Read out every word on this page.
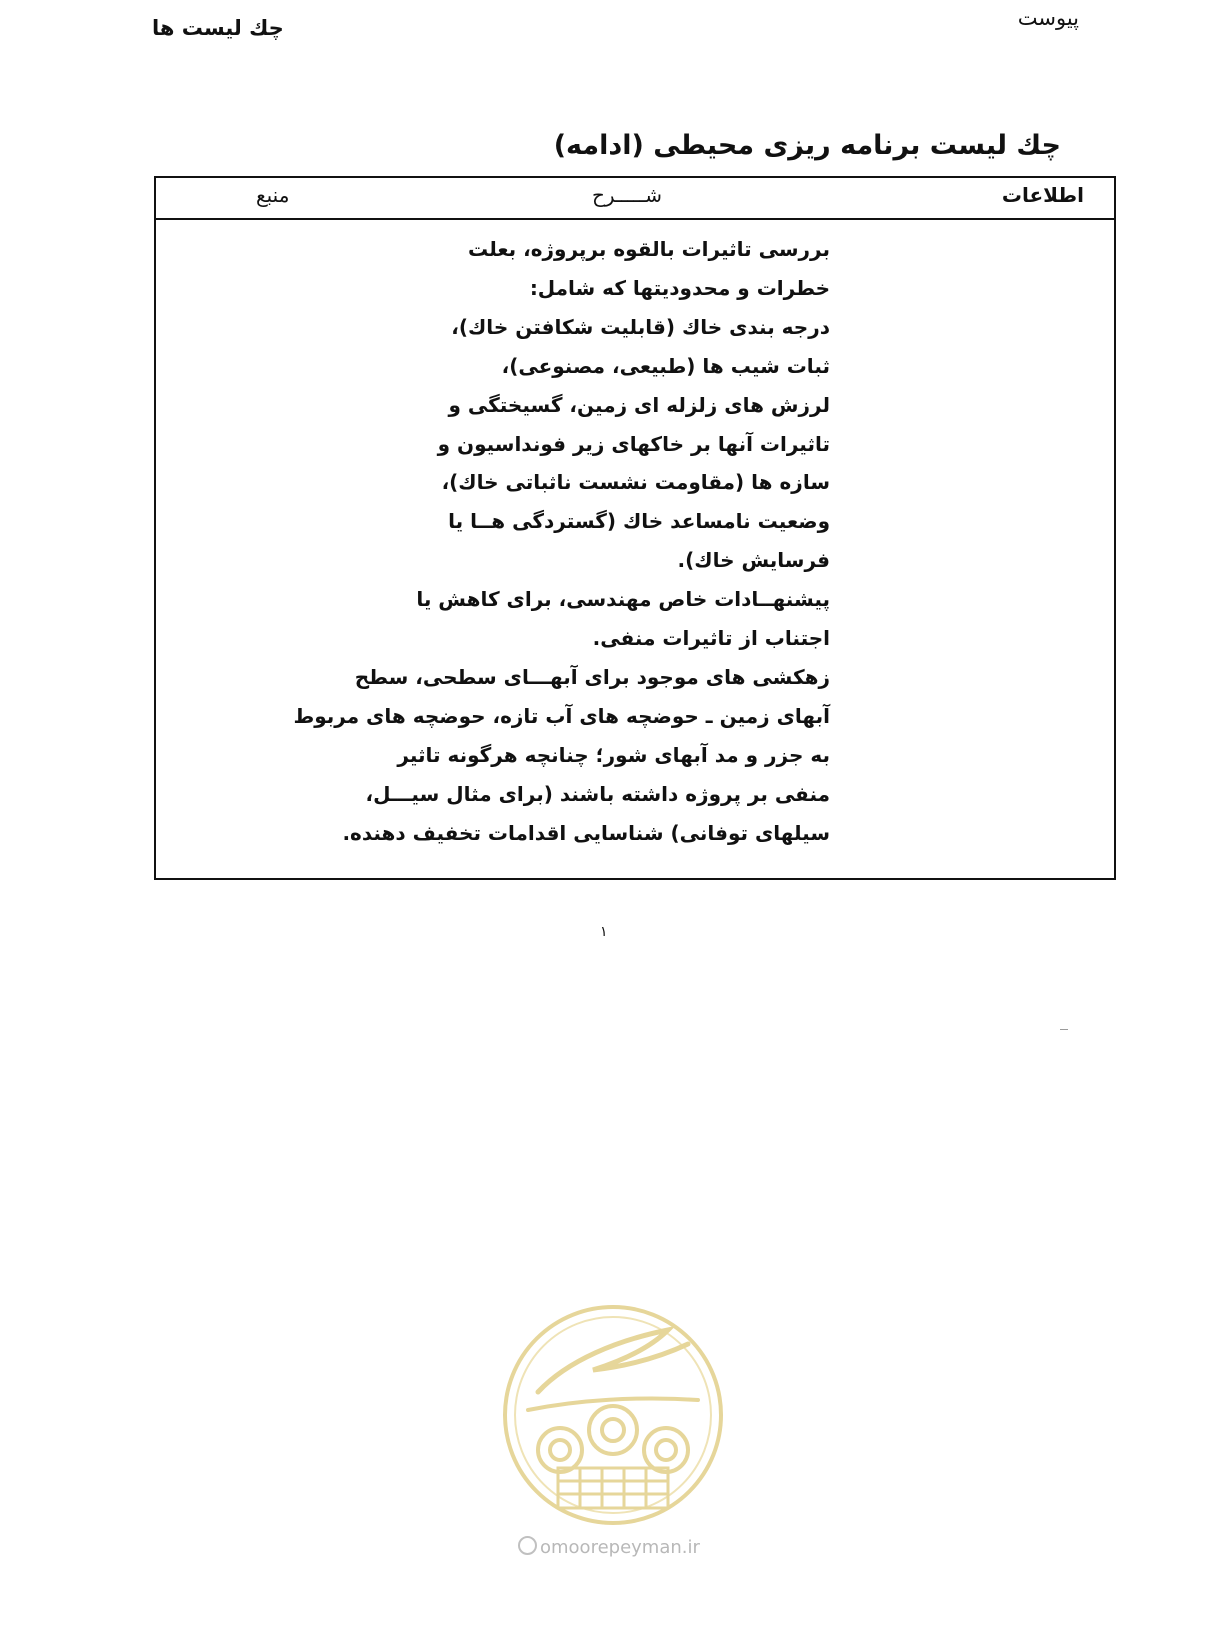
پیوست
چك لیست ها
چك لیست برنامه ریزی محیطی (ادامه)
اطلاعات
شـــــرح
منبع
بررسی تاثیرات بالقوه برپروژه، بعلت
خطرات و محدودیتها که شامل:
درجه بندی خاك (قابلیت شكافتن خاك)،
ثبات شیب ها (طبیعی، مصنوعی)،
لرزش های زلزله ای زمین، گسیختگی و
تاثیرات آنها بر خاكهای زیر فونداسیون و
سازه ها (مقاومت نشست ناثباتی خاك)،
وضعیت نامساعد خاك (گستردگی هــا یا
فرسایش خاك).
پیشنهــادات خاص مهندسی، برای كاهش یا
اجتناب از تاثیرات منفی.
زهكشی های موجود برای آبهـــای سطحی، سطح
آبهای زمین ـ حوضچه های آب تازه، حوضچه های مربوط
به جزر و مد آبهای شور؛ چنانچه هرگونه تاثیر
منفی بر پروژه داشته باشند (برای مثال سیـــل،
سیلهای توفانی) شناسایی اقدامات تخفیف دهنده.
۱
omoorepeyman.ir
